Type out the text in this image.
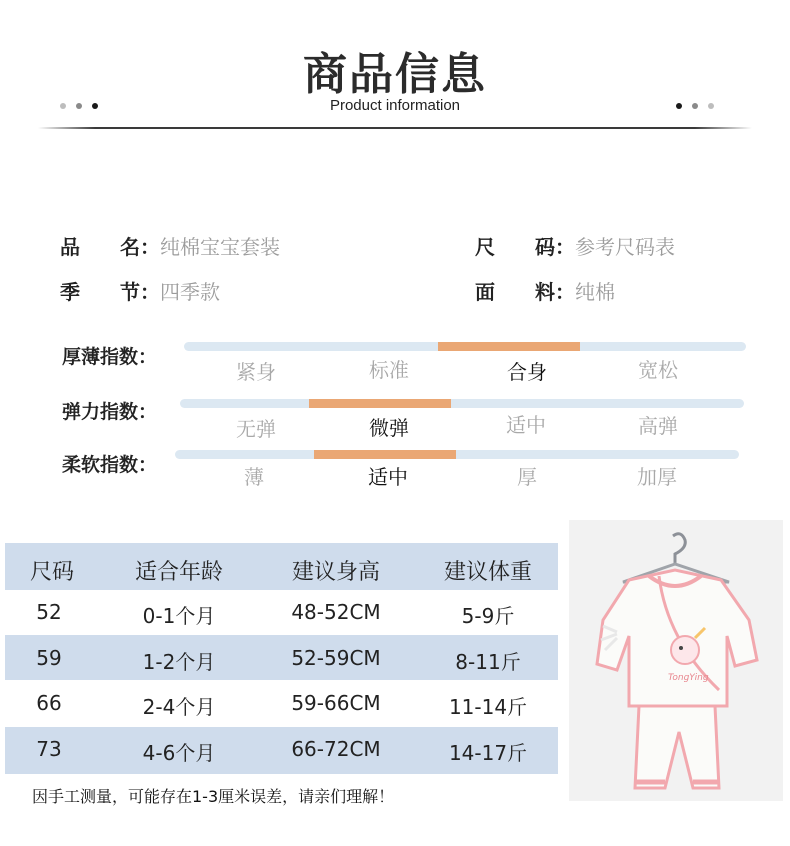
商品信息
Product information
品　　名：纯棉宝宝套装	尺　　码：参考尺码表
季　　节：四季款	面　　料：纯棉
厚薄指数：
紧身	标准	合身	宽松
弹力指数：
无弹	微弹	适中	高弹
柔软指数：	薄	适中	厚	加厚
尺码	适合年龄	建议身高	建议体重
52	0-1个月	48-52CM	5-9斤
59	1-2个月	52-59CM	8-11斤
66	2-4个月	59-66CM	11-14斤
73	4-6个月	66-72CM	14-17斤
因手工测量，可能存在1-3厘米误差，请亲们理解！
TongYing
